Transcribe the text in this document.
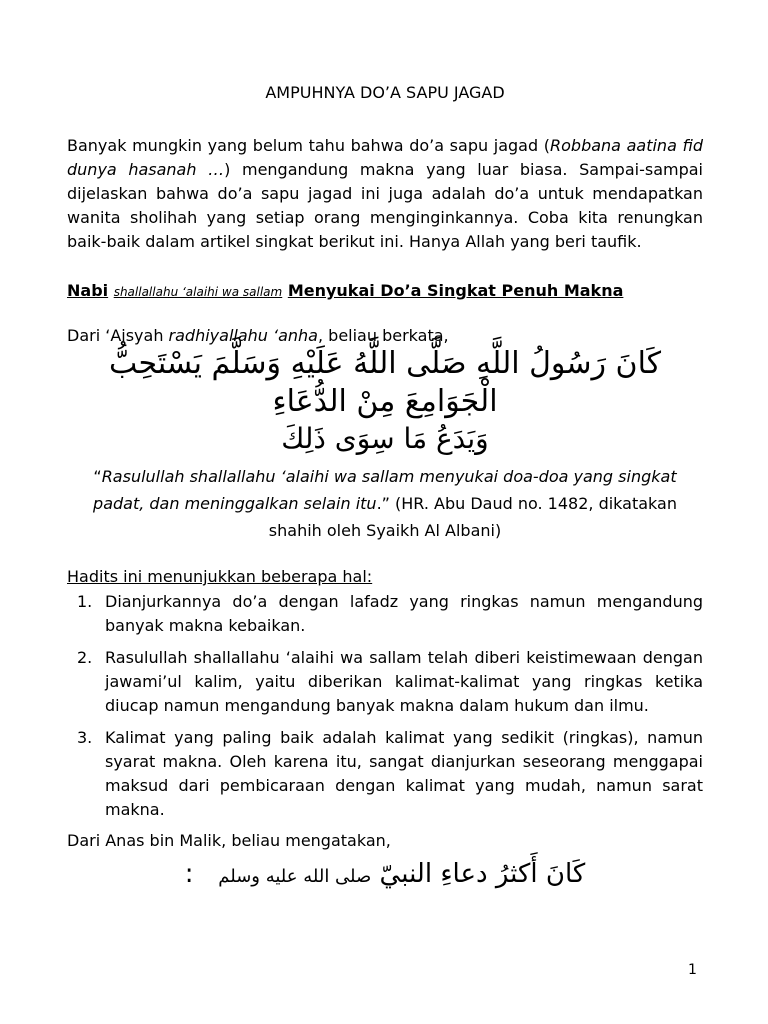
AMPUHNYA DO’A SAPU JAGAD

Banyak mungkin yang belum tahu bahwa do’a sapu jagad (Robbana aatina fid dunya hasanah …) mengandung makna yang luar biasa. Sampai-sampai dijelaskan bahwa do’a sapu jagad ini juga adalah do’a untuk mendapatkan wanita sholihah yang setiap orang menginginkannya. Coba kita renungkan baik-baik dalam artikel singkat berikut ini. Hanya Allah yang beri taufik.

Nabi shallallahu ‘alaihi wa sallam Menyukai Do’a Singkat Penuh Makna
Dari ‘Aisyah radhiyallahu ‘anha, beliau berkata,
كَانَ رَسُولُ اللَّهِ صَلَّى اللَّهُ عَلَيْهِ وَسَلَّمَ يَسْتَحِبُّ الْجَوَامِعَ مِنْ الدُّعَاءِ
وَيَدَعُ مَا سِوَى ذَلِكَ
“Rasulullah shallallahu ‘alaihi wa sallam menyukai doa-doa yang singkat padat, dan meninggalkan selain itu.” (HR. Abu Daud no. 1482, dikatakan shahih oleh Syaikh Al Albani)
Hadits ini menunjukkan beberapa hal:
1. Dianjurkannya do’a dengan lafadz yang ringkas namun mengandung banyak makna kebaikan.
2. Rasulullah shallallahu ‘alaihi wa sallam telah diberi keistimewaan dengan jawami’ul kalim, yaitu diberikan kalimat-kalimat yang ringkas ketika diucap namun mengandung banyak makna dalam hukum dan ilmu.
3. Kalimat yang paling baik adalah kalimat yang sedikit (ringkas), namun syarat makna. Oleh karena itu, sangat dianjurkan seseorang menggapai maksud dari pembicaraan dengan kalimat yang mudah, namun sarat makna.
Dari Anas bin Malik, beliau mengatakan,
كَانَ أَكثرُ دعاءِ النبيّ صلى الله عليه وسلم   :
1
